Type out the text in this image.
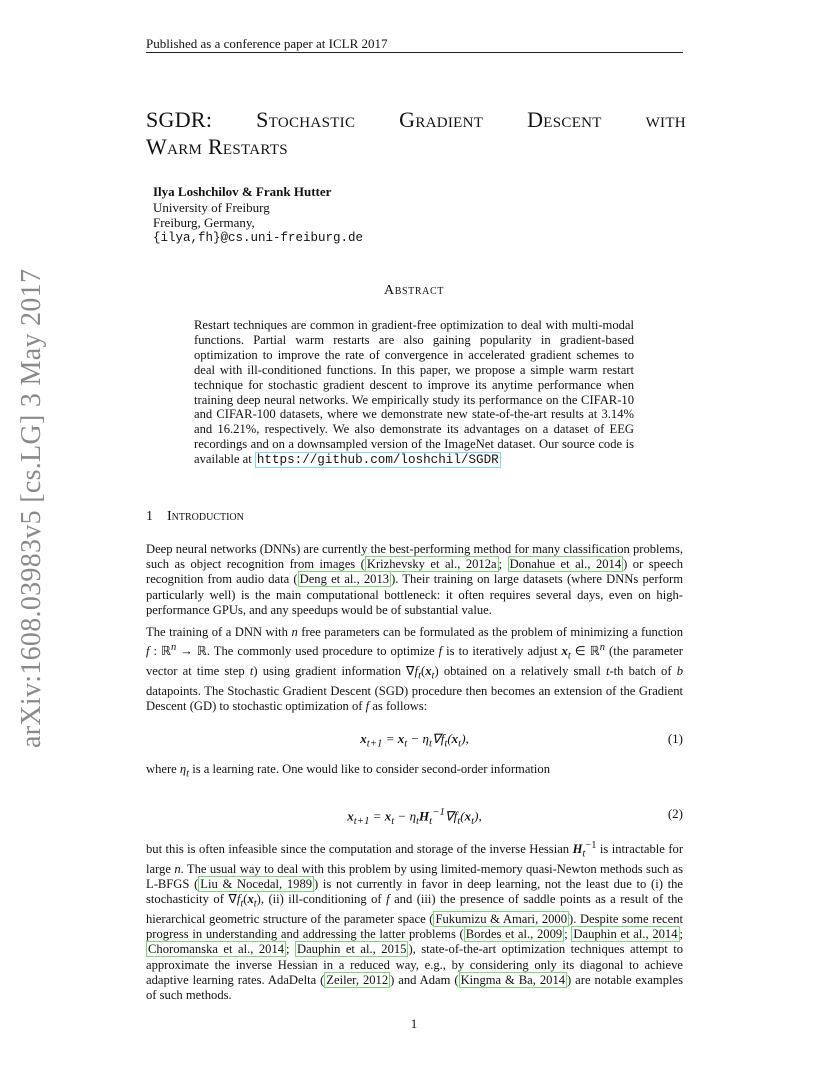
Published as a conference paper at ICLR 2017
arXiv:1608.03983v5 [cs.LG] 3 May 2017
SGDR: Stochastic Gradient Descent with
Warm Restarts
Ilya Loshchilov & Frank Hutter
University of Freiburg
Freiburg, Germany,
{ilya,fh}@cs.uni-freiburg.de
Abstract
Restart techniques are common in gradient-free optimization to deal with multi-modal functions. Partial warm restarts are also gaining popularity in gradient-based optimization to improve the rate of convergence in accelerated gradient schemes to deal with ill-conditioned functions. In this paper, we propose a simple warm restart technique for stochastic gradient descent to improve its anytime performance when training deep neural networks. We empirically study its performance on the CIFAR-10 and CIFAR-100 datasets, where we demonstrate new state-of-the-art results at 3.14% and 16.21%, respectively. We also demonstrate its advantages on a dataset of EEG recordings and on a downsampled version of the ImageNet dataset. Our source code is available at https://github.com/loshchil/SGDR
1 Introduction
Deep neural networks (DNNs) are currently the best-performing method for many classification problems, such as object recognition from images ( Krizhevsky et al., 2012a ; Donahue et al., 2014 ) or speech recognition from audio data ( Deng et al., 2013 ). Their training on large datasets (where DNNs perform particularly well) is the main computational bottleneck: it often requires several days, even on high-performance GPUs, and any speedups would be of substantial value.
The training of a DNN with n free parameters can be formulated as the problem of minimizing a function f : ℝ$^n$ → ℝ. The commonly used procedure to optimize f is to iteratively adjust $x_t$ ∈ ℝ$^n$ (the parameter vector at time step t) using gradient information $\nabla f_t(x_t)$ obtained on a relatively small t-th batch of b datapoints. The Stochastic Gradient Descent (SGD) procedure then becomes an extension of the Gradient Descent (GD) to stochastic optimization of f as follows:
$x_{t+1} = x_t - \eta_t\nabla f_t(x_t)$,	(1)
where $\eta_t$ is a learning rate. One would like to consider second-order information
$x_{t+1} = x_t - \eta_tH_t^{-1}\nabla f_t(x_t)$,	(2)
but this is often infeasible since the computation and storage of the inverse Hessian $H_t^{-1}$ is intractable for large n. The usual way to deal with this problem by using limited-memory quasi-Newton methods such as L-BFGS ( Liu & Nocedal, 1989 ) is not currently in favor in deep learning, not the least due to (i) the stochasticity of $\nabla f_t(x_t)$, (ii) ill-conditioning of f and (iii) the presence of saddle points as a result of the hierarchical geometric structure of the parameter space ( Fukumizu & Amari, 2000 ). Despite some recent progress in understanding and addressing the latter problems ( Bordes et al., 2009 ; Dauphin et al., 2014 ; Choromanska et al., 2014 ; Dauphin et al., 2015 ), state-of-the-art optimization techniques attempt to approximate the inverse Hessian in a reduced way, e.g., by considering only its diagonal to achieve adaptive learning rates. AdaDelta ( Zeiler, 2012 ) and Adam ( Kingma & Ba, 2014 ) are notable examples of such methods.
1
